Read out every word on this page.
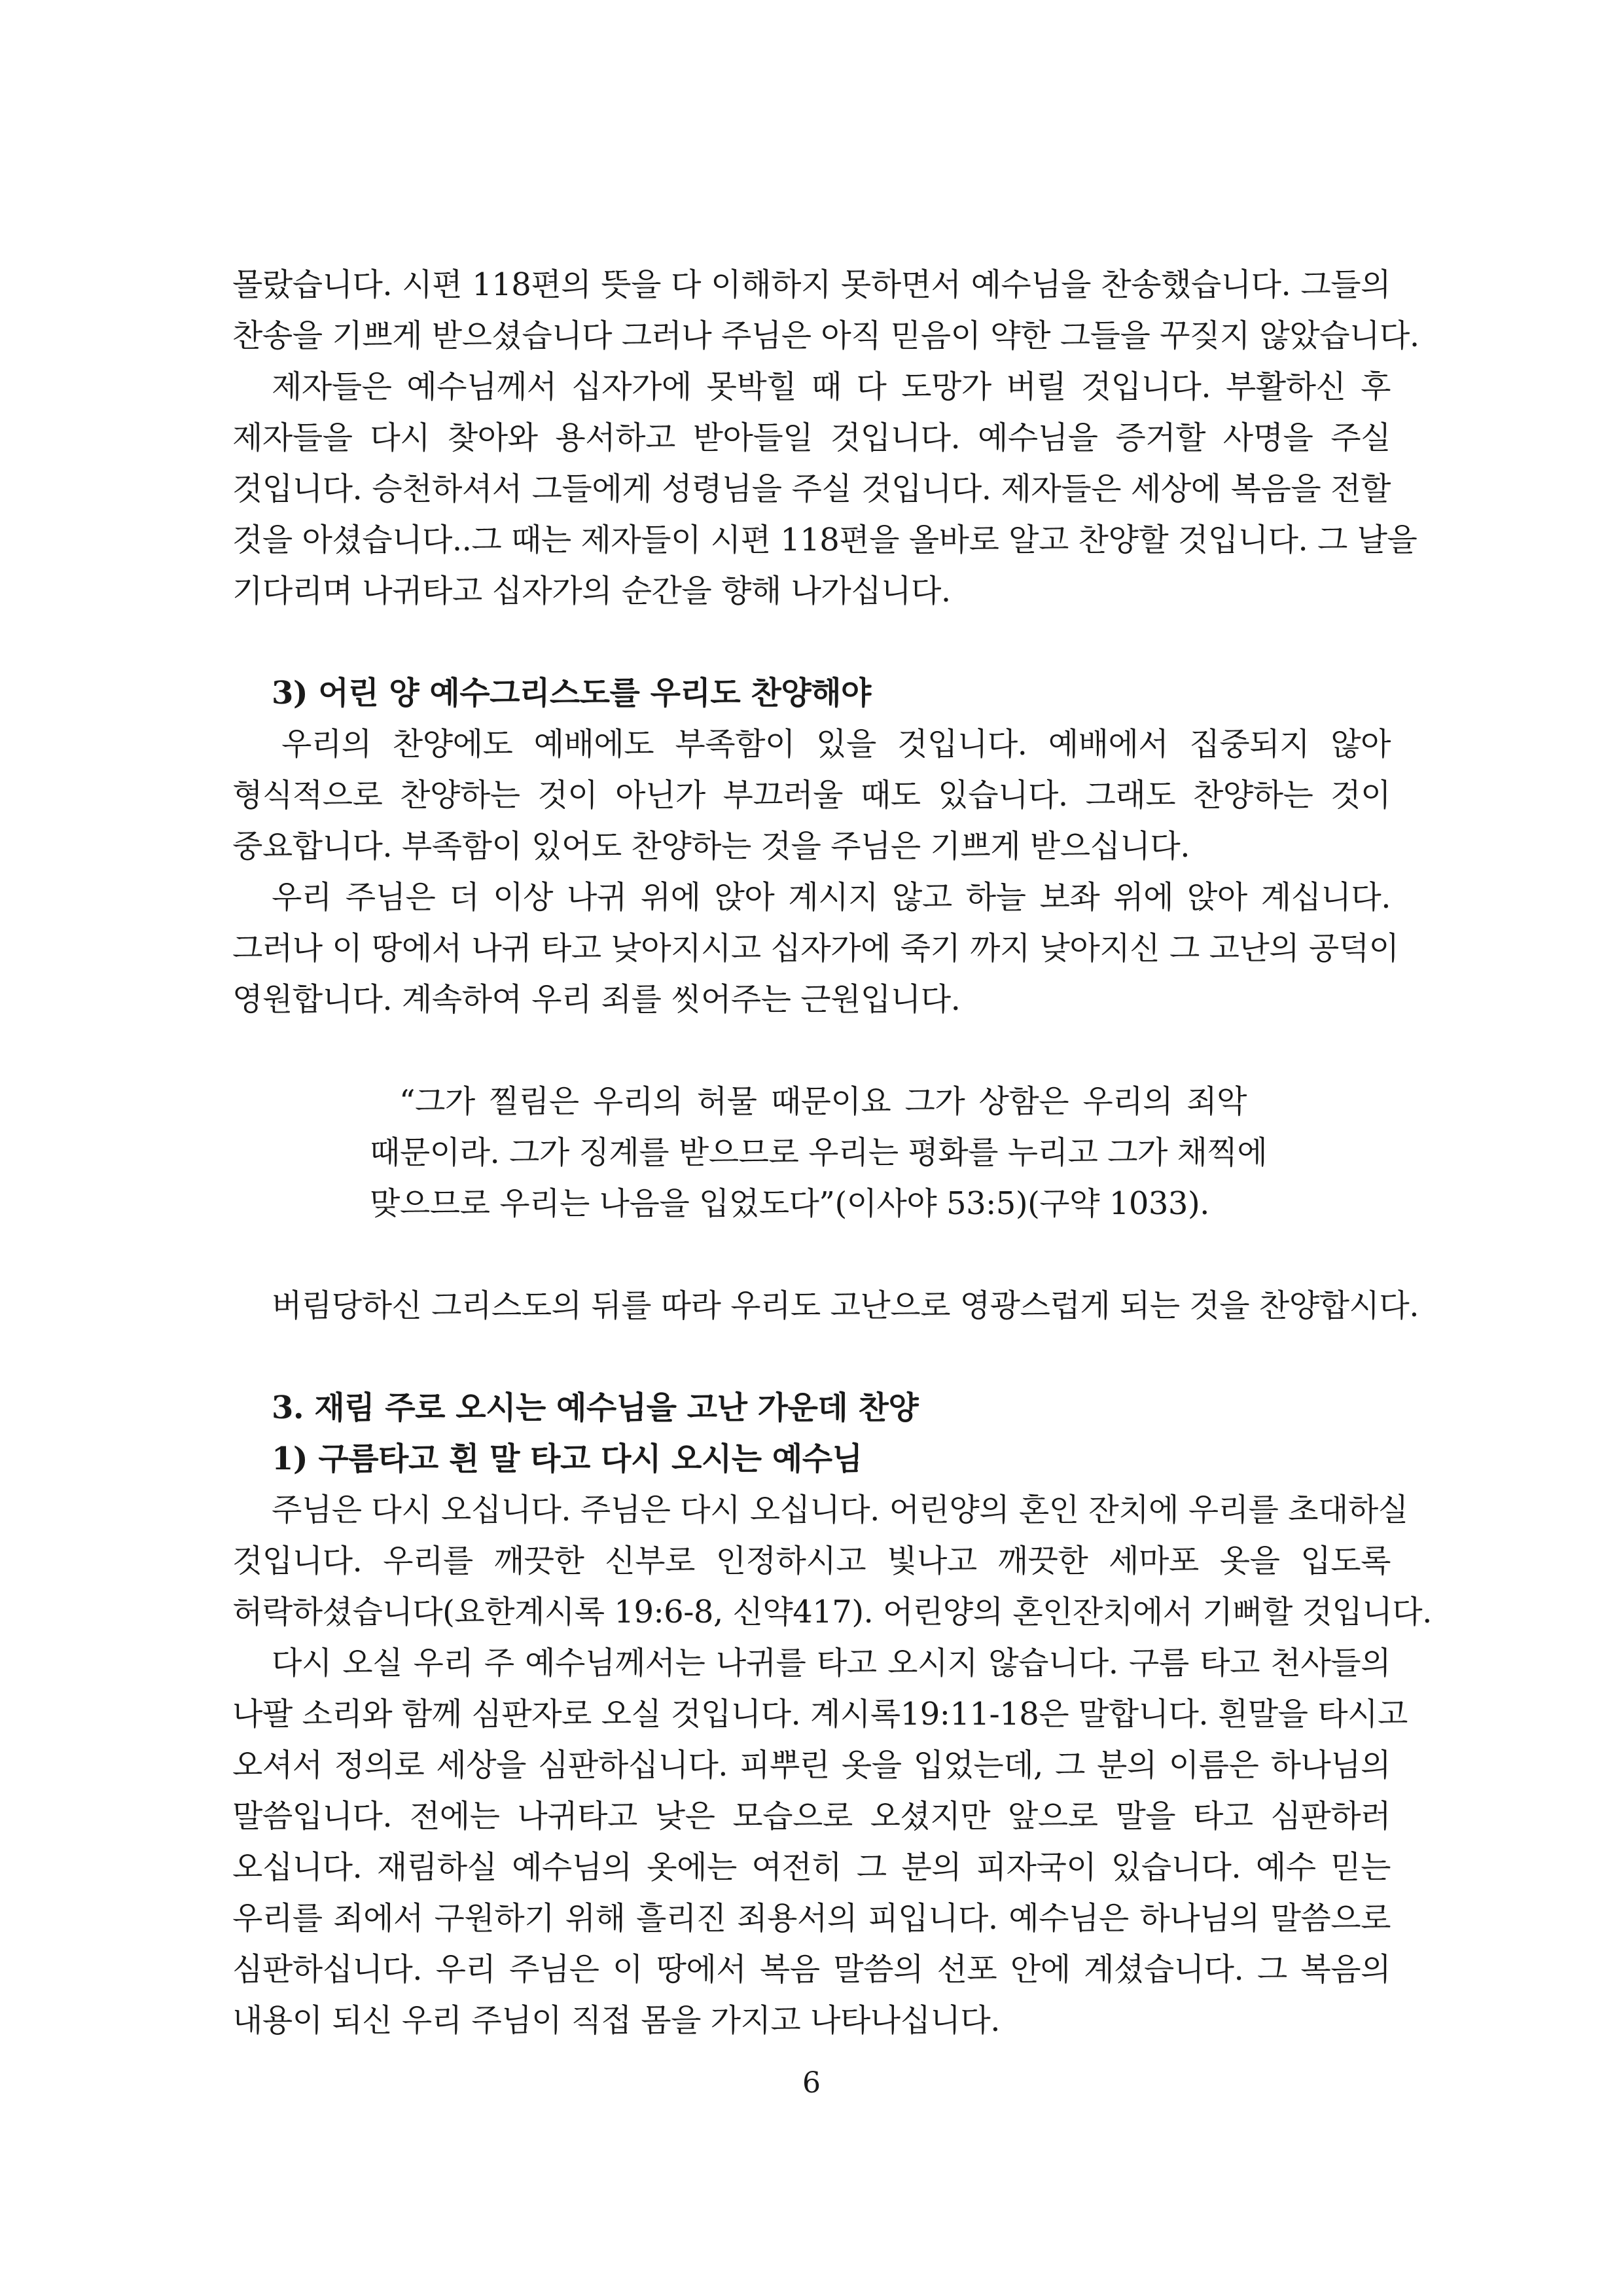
몰랐습니다. 시편 118편의 뜻을 다 이해하지 못하면서 예수님을 찬송했습니다. 그들의
찬송을 기쁘게 받으셨습니다 그러나 주님은 아직 믿음이 약한 그들을 꾸짖지 않았습니다.
제자들은 예수님께서 십자가에 못박힐 때 다 도망가 버릴 것입니다. 부활하신 후
제자들을 다시 찾아와 용서하고 받아들일 것입니다. 예수님을 증거할 사명을 주실
것입니다. 승천하셔서 그들에게 성령님을 주실 것입니다. 제자들은 세상에 복음을 전할
것을 아셨습니다..그 때는 제자들이 시편 118편을 올바로 알고 찬양할 것입니다. 그 날을
기다리며 나귀타고 십자가의 순간을 향해 나가십니다.
3) 어린 양 예수그리스도를 우리도 찬양해야
우리의 찬양에도 예배에도 부족함이 있을 것입니다. 예배에서 집중되지 않아
형식적으로 찬양하는 것이 아닌가 부끄러울 때도 있습니다. 그래도 찬양하는 것이
중요합니다. 부족함이 있어도 찬양하는 것을 주님은 기쁘게 받으십니다.
우리 주님은 더 이상 나귀 위에 앉아 계시지 않고 하늘 보좌 위에 앉아 계십니다.
그러나 이 땅에서 나귀 타고 낮아지시고 십자가에 죽기 까지 낮아지신 그 고난의 공덕이
영원합니다. 계속하여 우리 죄를 씻어주는 근원입니다.
“그가 찔림은 우리의 허물 때문이요 그가 상함은 우리의 죄악
때문이라. 그가 징계를 받으므로 우리는 평화를 누리고 그가 채찍에
맞으므로 우리는 나음을 입었도다”(이사야 53:5)(구약 1033).
버림당하신 그리스도의 뒤를 따라 우리도 고난으로 영광스럽게 되는 것을 찬양합시다.
3. 재림 주로 오시는 예수님을 고난 가운데 찬양
1) 구름타고 흰 말 타고 다시 오시는 예수님
주님은 다시 오십니다. 주님은 다시 오십니다. 어린양의 혼인 잔치에 우리를 초대하실
것입니다. 우리를 깨끗한 신부로 인정하시고 빛나고 깨끗한 세마포 옷을 입도록
허락하셨습니다(요한계시록 19:6-8, 신약417). 어린양의 혼인잔치에서 기뻐할 것입니다.
다시 오실 우리 주 예수님께서는 나귀를 타고 오시지 않습니다. 구름 타고 천사들의
나팔 소리와 함께 심판자로 오실 것입니다. 계시록19:11-18은 말합니다. 흰말을 타시고
오셔서 정의로 세상을 심판하십니다. 피뿌린 옷을 입었는데, 그 분의 이름은 하나님의
말씀입니다. 전에는 나귀타고 낮은 모습으로 오셨지만 앞으로 말을 타고 심판하러
오십니다. 재림하실 예수님의 옷에는 여전히 그 분의 피자국이 있습니다. 예수 믿는
우리를 죄에서 구원하기 위해 흘리진 죄용서의 피입니다. 예수님은 하나님의 말씀으로
심판하십니다. 우리 주님은 이 땅에서 복음 말씀의 선포 안에 계셨습니다. 그 복음의
내용이 되신 우리 주님이 직접 몸을 가지고 나타나십니다.
6
